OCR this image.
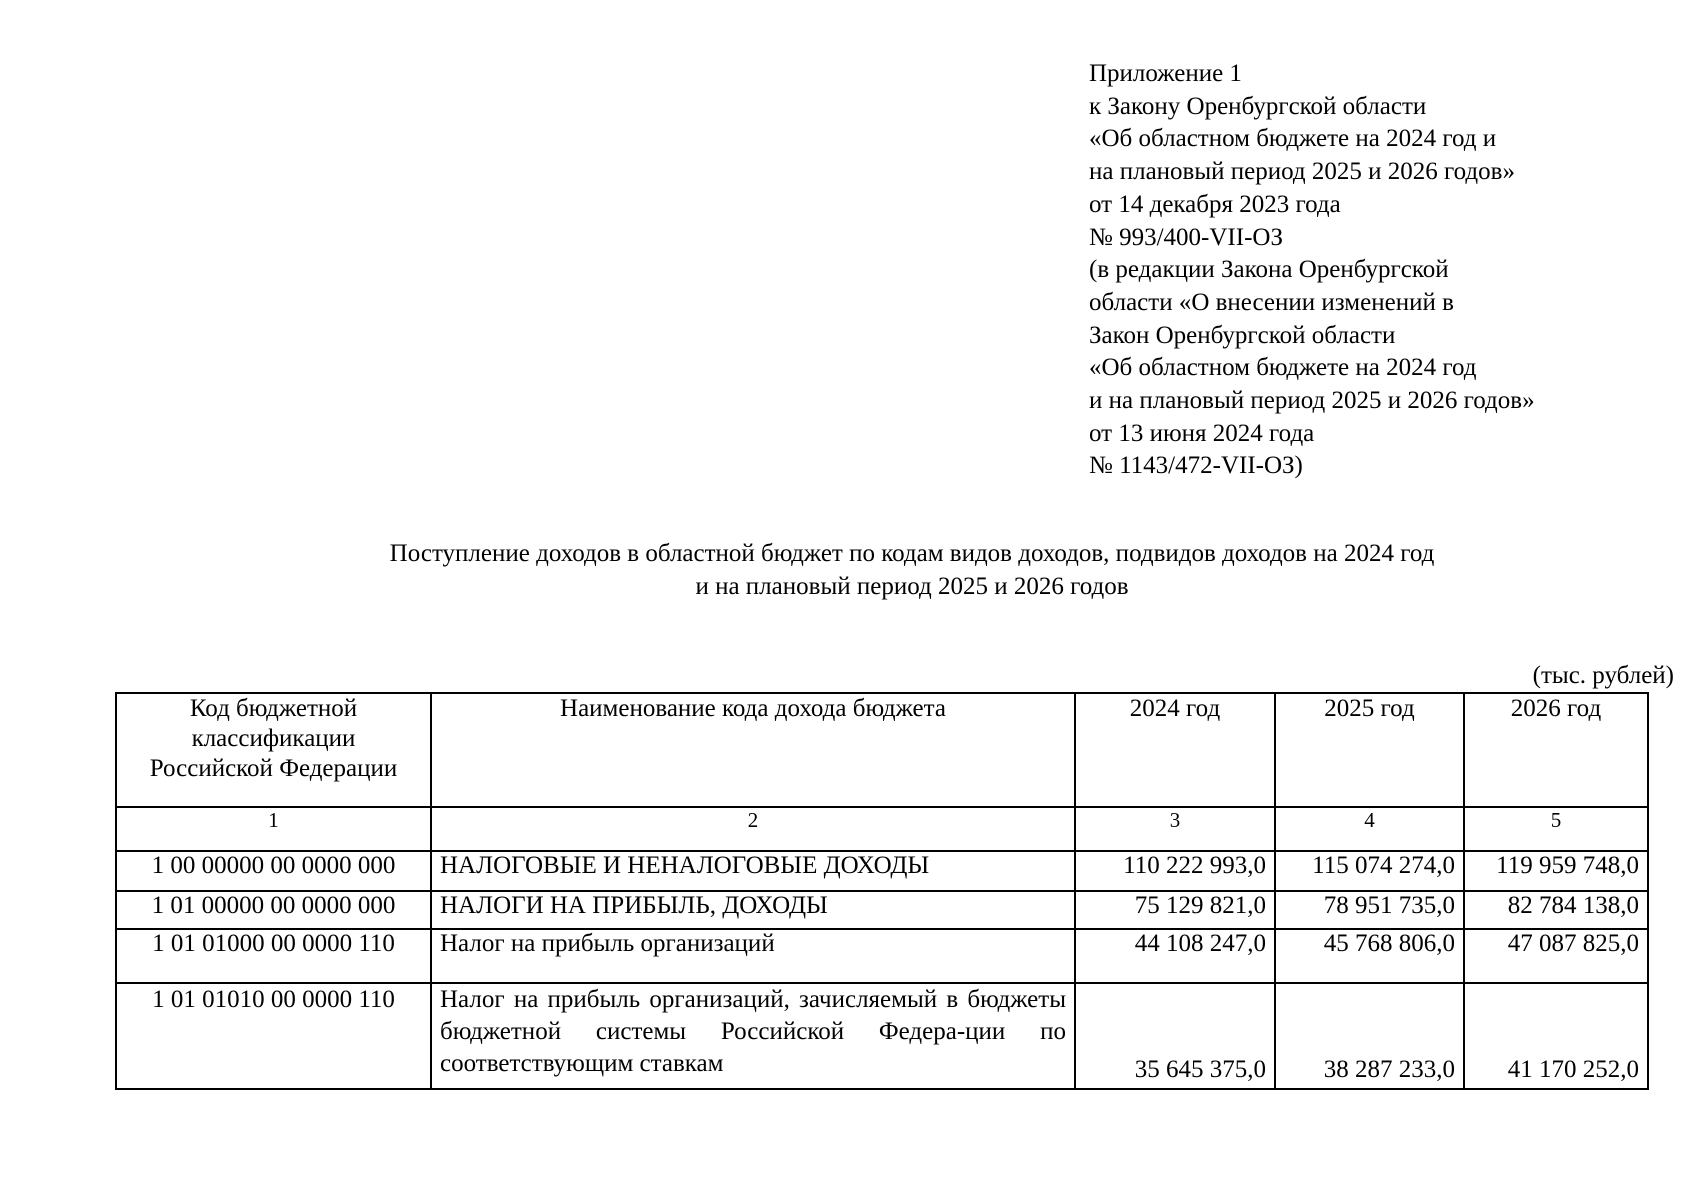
Приложение 1
к Закону Оренбургской области
«Об областном бюджете на 2024 год и
на плановый период 2025 и 2026 годов»
от 14 декабря 2023 года
№ 993/400-VII-ОЗ
(в редакции Закона Оренбургской
области «О внесении изменений в
Закон Оренбургской области
«Об областном бюджете на 2024 год
и на плановый период 2025 и 2026 годов»
от 13 июня 2024 года
№ 1143/472-VII-ОЗ)
Поступление доходов в областной бюджет по кодам видов доходов, подвидов доходов на 2024 год
и на плановый период 2025 и 2026 годов
(тыс. рублей)
Код бюджетной
классификации
Российской Федерации	Наименование кода дохода бюджета	2024 год	2025 год	2026 год
1	2	3	4	5
1 00 00000 00 0000 000	НАЛОГОВЫЕ И НЕНАЛОГОВЫЕ ДОХОДЫ	110 222 993,0	115 074 274,0	119 959 748,0
1 01 00000 00 0000 000	НАЛОГИ НА ПРИБЫЛЬ, ДОХОДЫ	75 129 821,0	78 951 735,0	82 784 138,0
1 01 01000 00 0000 110	Налог на прибыль организаций	44 108 247,0	45 768 806,0	47 087 825,0
1 01 01010 00 0000 110	Налог на прибыль организаций, зачисляемый в бюджеты бюджетной системы Российской Федера-ции по соответствующим ставкам	35 645 375,0	38 287 233,0	41 170 252,0
